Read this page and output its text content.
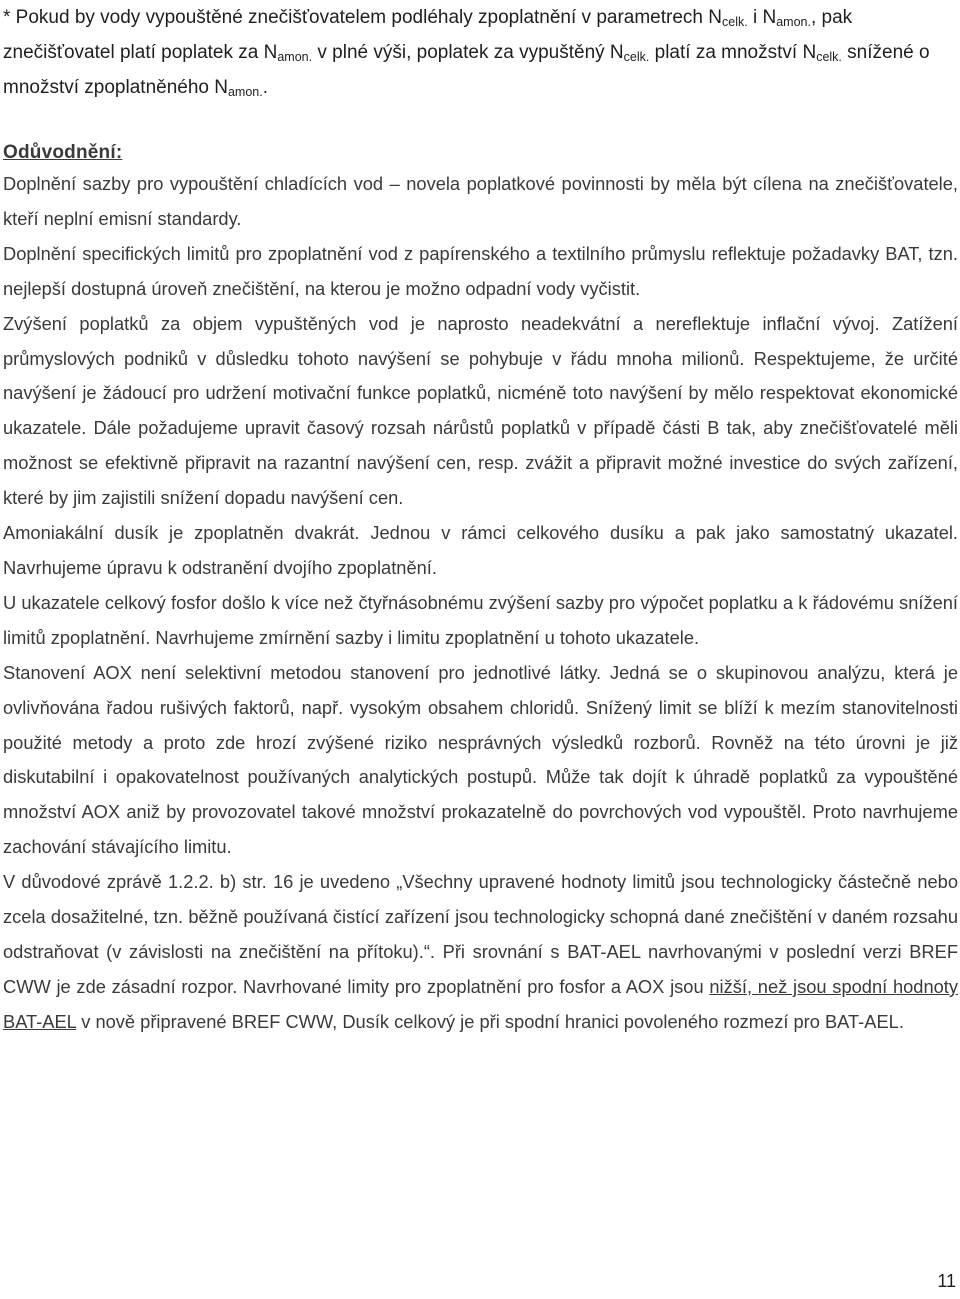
* Pokud by vody vypouštěné znečišťovatelem podléhaly zpoplatnění v parametrech $N_{celk.}$ i $N_{amon.}$, pak znečišťovatel platí poplatek za $N_{amon.}$ v plné výši, poplatek za vypuštěný $N_{celk.}$ platí za množství $N_{celk.}$ snížené o množství zpoplatněného $N_{amon.}$.
Odůvodnění:

Doplnění sazby pro vypouštění chladících vod – novela poplatkové povinnosti by měla být cílena na znečišťovatele, kteří neplní emisní standardy.

Doplnění specifických limitů pro zpoplatnění vod z papírenského a textilního průmyslu reflektuje požadavky BAT, tzn. nejlepší dostupná úroveň znečištění, na kterou je možno odpadní vody vyčistit.

Zvýšení poplatků za objem vypuštěných vod je naprosto neadekvátní a nereflektuje inflační vývoj. Zatížení průmyslových podniků v důsledku tohoto navýšení se pohybuje v řádu mnoha milionů. Respektujeme, že určité navýšení je žádoucí pro udržení motivační funkce poplatků, nicméně toto navýšení by mělo respektovat ekonomické ukazatele. Dále požadujeme upravit časový rozsah nárůstů poplatků v případě části B tak, aby znečišťovatelé měli možnost se efektivně připravit na razantní navýšení cen, resp. zvážit a připravit možné investice do svých zařízení, které by jim zajistili snížení dopadu navýšení cen.

Amoniakální dusík je zpoplatněn dvakrát. Jednou v rámci celkového dusíku a pak jako samostatný ukazatel. Navrhujeme úpravu k odstranění dvojího zpoplatnění.

U ukazatele celkový fosfor došlo k více než čtyřnásobnému zvýšení sazby pro výpočet poplatku a k řádovému snížení limitů zpoplatnění. Navrhujeme zmírnění sazby i limitu zpoplatnění u tohoto ukazatele.

Stanovení AOX není selektivní metodou stanovení pro jednotlivé látky. Jedná se o skupinovou analýzu, která je ovlivňována řadou rušivých faktorů, např. vysokým obsahem chloridů. Snížený limit se blíží k mezím stanovitelnosti použité metody a proto zde hrozí zvýšené riziko nesprávných výsledků rozborů. Rovněž na této úrovni je již diskutabilní i opakovatelnost používaných analytických postupů. Může tak dojít k úhradě poplatků za vypouštěné množství AOX aniž by provozovatel takové množství prokazatelně do povrchových vod vypouštěl. Proto navrhujeme zachování stávajícího limitu.

V důvodové zprávě 1.2.2. b) str. 16 je uvedeno „Všechny upravené hodnoty limitů jsou technologicky částečně nebo zcela dosažitelné, tzn. běžně používaná čistící zařízení jsou technologicky schopná dané znečištění v daném rozsahu odstraňovat (v závislosti na znečištění na přítoku).“. Při srovnání s BAT-AEL navrhovanými v poslední verzi BREF CWW je zde zásadní rozpor. Navrhované limity pro zpoplatnění pro fosfor a AOX jsou nižší, než jsou spodní hodnoty BAT-AEL v nově připravené BREF CWW, Dusík celkový je při spodní hranici povoleného rozmezí pro BAT-AEL.

11
